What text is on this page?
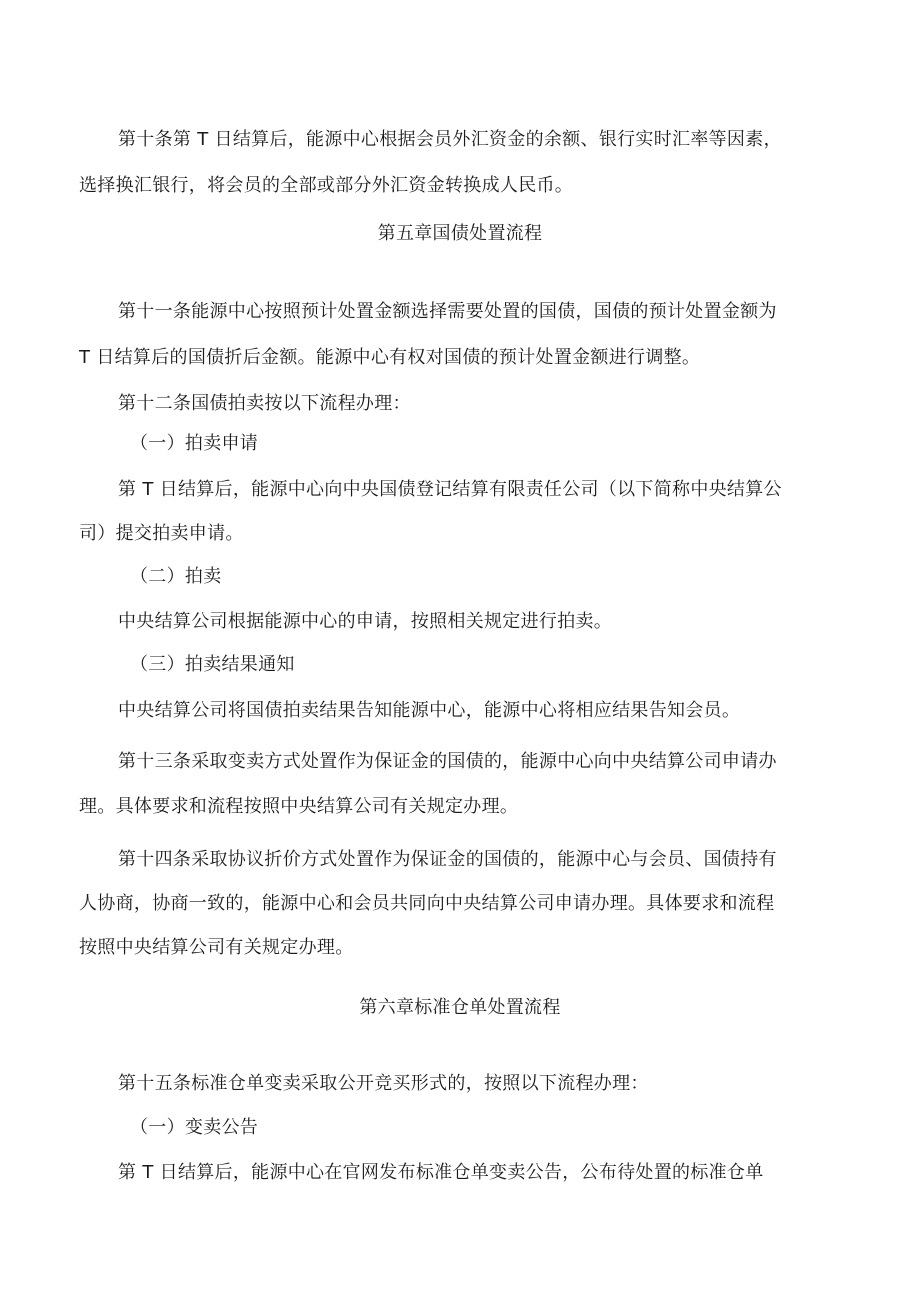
第十条第 T 日结算后，能源中心根据会员外汇资金的余额、银行实时汇率等因素，
选择换汇银行，将会员的全部或部分外汇资金转换成人民币。
第五章国债处置流程
第十一条能源中心按照预计处置金额选择需要处置的国债，国债的预计处置金额为
T 日结算后的国债折后金额。能源中心有权对国债的预计处置金额进行调整。
第十二条国债拍卖按以下流程办理：
（一）拍卖申请
第 T 日结算后，能源中心向中央国债登记结算有限责任公司（以下简称中央结算公
司）提交拍卖申请。
（二）拍卖
中央结算公司根据能源中心的申请，按照相关规定进行拍卖。
（三）拍卖结果通知
中央结算公司将国债拍卖结果告知能源中心，能源中心将相应结果告知会员。
第十三条采取变卖方式处置作为保证金的国债的，能源中心向中央结算公司申请办
理。具体要求和流程按照中央结算公司有关规定办理。
第十四条采取协议折价方式处置作为保证金的国债的，能源中心与会员、国债持有
人协商，协商一致的，能源中心和会员共同向中央结算公司申请办理。具体要求和流程
按照中央结算公司有关规定办理。
第六章标准仓单处置流程
第十五条标准仓单变卖采取公开竞买形式的，按照以下流程办理：
（一）变卖公告
第 T 日结算后，能源中心在官网发布标准仓单变卖公告，公布待处置的标准仓单
